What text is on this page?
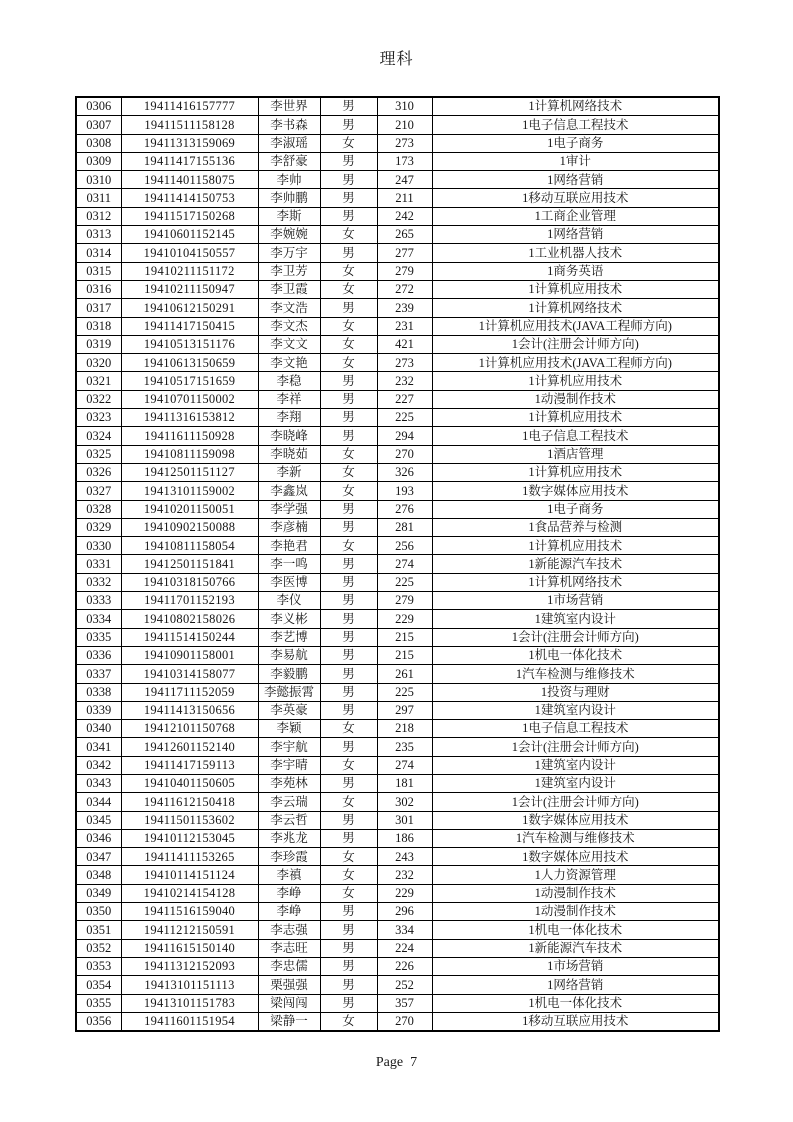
理科
0306	19411416157777	李世界	男	310	1计算机网络技术
0307	19411511158128	李书森	男	210	1电子信息工程技术
0308	19411313159069	李淑瑶	女	273	1电子商务
0309	19411417155136	李舒豪	男	173	1审计
0310	19411401158075	李帅	男	247	1网络营销
0311	19411414150753	李帅鹏	男	211	1移动互联应用技术
0312	19411517150268	李斯	男	242	1工商企业管理
0313	19410601152145	李婉婉	女	265	1网络营销
0314	19410104150557	李万宇	男	277	1工业机器人技术
0315	19410211151172	李卫芳	女	279	1商务英语
0316	19410211150947	李卫霞	女	272	1计算机应用技术
0317	19410612150291	李文浩	男	239	1计算机网络技术
0318	19411417150415	李文杰	女	231	1计算机应用技术(JAVA工程师方向)
0319	19410513151176	李文文	女	421	1会计(注册会计师方向)
0320	19410613150659	李文艳	女	273	1计算机应用技术(JAVA工程师方向)
0321	19410517151659	李稳	男	232	1计算机应用技术
0322	19410701150002	李祥	男	227	1动漫制作技术
0323	19411316153812	李翔	男	225	1计算机应用技术
0324	19411611150928	李晓峰	男	294	1电子信息工程技术
0325	19410811159098	李晓茹	女	270	1酒店管理
0326	19412501151127	李新	女	326	1计算机应用技术
0327	19413101159002	李鑫岚	女	193	1数字媒体应用技术
0328	19410201150051	李学强	男	276	1电子商务
0329	19410902150088	李彦楠	男	281	1食品营养与检测
0330	19410811158054	李艳君	女	256	1计算机应用技术
0331	19412501151841	李一鸣	男	274	1新能源汽车技术
0332	19410318150766	李医博	男	225	1计算机网络技术
0333	19411701152193	李仪	男	279	1市场营销
0334	19410802158026	李义彬	男	229	1建筑室内设计
0335	19411514150244	李艺博	男	215	1会计(注册会计师方向)
0336	19410901158001	李易航	男	215	1机电一体化技术
0337	19410314158077	李毅鹏	男	261	1汽车检测与维修技术
0338	19411711152059	李懿振霄	男	225	1投资与理财
0339	19411413150656	李英豪	男	297	1建筑室内设计
0340	19412101150768	李颖	女	218	1电子信息工程技术
0341	19412601152140	李宇航	男	235	1会计(注册会计师方向)
0342	19411417159113	李宇晴	女	274	1建筑室内设计
0343	19410401150605	李苑林	男	181	1建筑室内设计
0344	19411612150418	李云瑞	女	302	1会计(注册会计师方向)
0345	19411501153602	李云哲	男	301	1数字媒体应用技术
0346	19410112153045	李兆龙	男	186	1汽车检测与维修技术
0347	19411411153265	李珍霞	女	243	1数字媒体应用技术
0348	19410114151124	李禛	女	232	1人力资源管理
0349	19410214154128	李峥	女	229	1动漫制作技术
0350	19411516159040	李峥	男	296	1动漫制作技术
0351	19411212150591	李志强	男	334	1机电一体化技术
0352	19411615150140	李志旺	男	224	1新能源汽车技术
0353	19411312152093	李忠儒	男	226	1市场营销
0354	19413101151113	栗强强	男	252	1网络营销
0355	19413101151783	梁闯闯	男	357	1机电一体化技术
0356	19411601151954	梁静一	女	270	1移动互联应用技术
Page  7
